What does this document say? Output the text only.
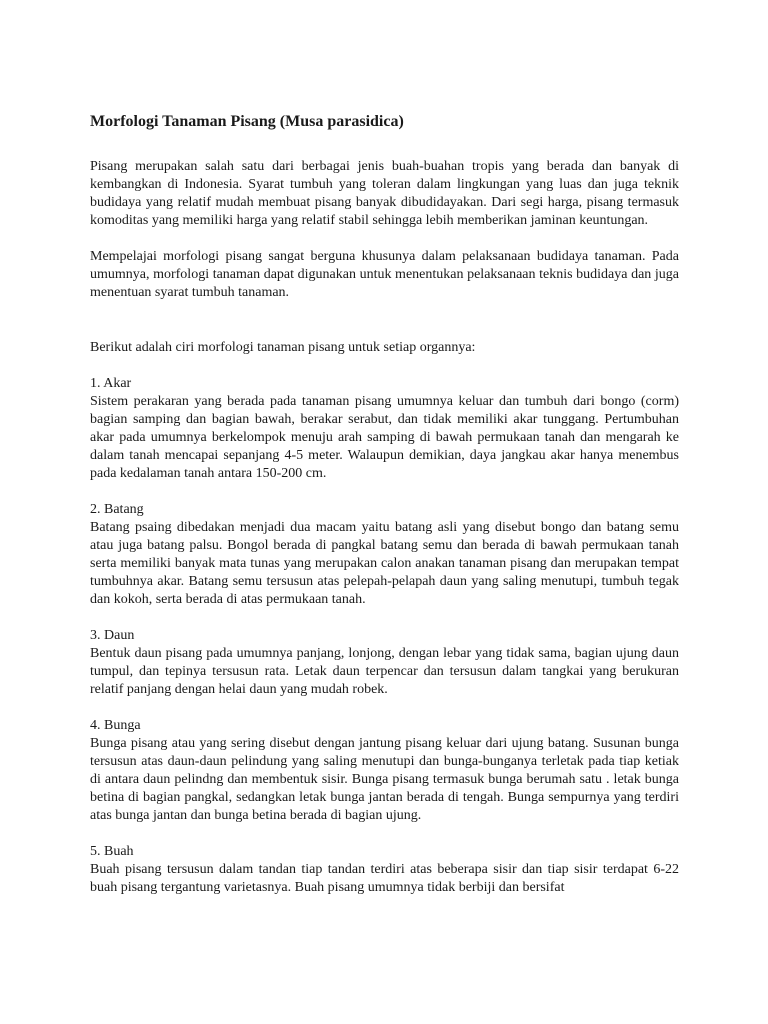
Morfologi Tanaman Pisang (Musa parasidica)

Pisang merupakan salah satu dari berbagai jenis buah-buahan tropis yang berada dan banyak di kembangkan di Indonesia. Syarat tumbuh yang toleran dalam lingkungan yang luas dan juga teknik budidaya yang relatif mudah membuat pisang banyak dibudidayakan. Dari segi harga, pisang termasuk komoditas yang memiliki harga yang relatif stabil sehingga lebih memberikan jaminan keuntungan.

Mempelajai morfologi pisang sangat berguna khusunya dalam pelaksanaan budidaya tanaman. Pada umumnya, morfologi tanaman dapat digunakan untuk menentukan pelaksanaan teknis budidaya dan juga menentuan syarat tumbuh tanaman.

Berikut adalah ciri morfologi tanaman pisang untuk setiap organnya:

1. Akar

Sistem perakaran yang berada pada tanaman pisang umumnya keluar dan tumbuh dari bongo (corm) bagian samping dan bagian bawah, berakar serabut, dan tidak memiliki akar tunggang. Pertumbuhan akar pada umumnya berkelompok menuju arah samping di bawah permukaan tanah dan mengarah ke dalam tanah mencapai sepanjang 4-5 meter. Walaupun demikian, daya jangkau akar hanya menembus pada kedalaman tanah antara 150-200 cm.

2. Batang

Batang psaing dibedakan menjadi dua macam yaitu batang asli yang disebut bongo dan batang semu atau juga batang palsu. Bongol berada di pangkal batang semu dan berada di bawah permukaan tanah serta memiliki banyak mata tunas yang merupakan calon anakan tanaman pisang dan merupakan tempat tumbuhnya akar. Batang semu tersusun atas pelepah-pelapah daun yang saling menutupi, tumbuh tegak dan kokoh, serta berada di atas permukaan tanah.

3. Daun

Bentuk daun pisang pada umumnya panjang, lonjong, dengan lebar yang tidak sama, bagian ujung daun tumpul, dan tepinya tersusun rata. Letak daun terpencar dan tersusun dalam tangkai yang berukuran relatif panjang dengan helai daun yang mudah robek.

4. Bunga

Bunga pisang atau yang sering disebut dengan jantung pisang keluar dari ujung batang. Susunan bunga tersusun atas daun-daun pelindung yang saling menutupi dan bunga-bunganya terletak pada tiap ketiak di antara daun pelindng dan membentuk sisir. Bunga pisang termasuk bunga berumah satu . letak bunga betina di bagian pangkal, sedangkan letak bunga jantan berada di tengah. Bunga sempurnya yang terdiri atas bunga jantan dan bunga betina berada di bagian ujung.

5. Buah

Buah pisang tersusun dalam tandan tiap tandan terdiri atas beberapa sisir dan tiap sisir terdapat 6-22 buah pisang tergantung varietasnya. Buah pisang umumnya tidak berbiji dan bersifat
